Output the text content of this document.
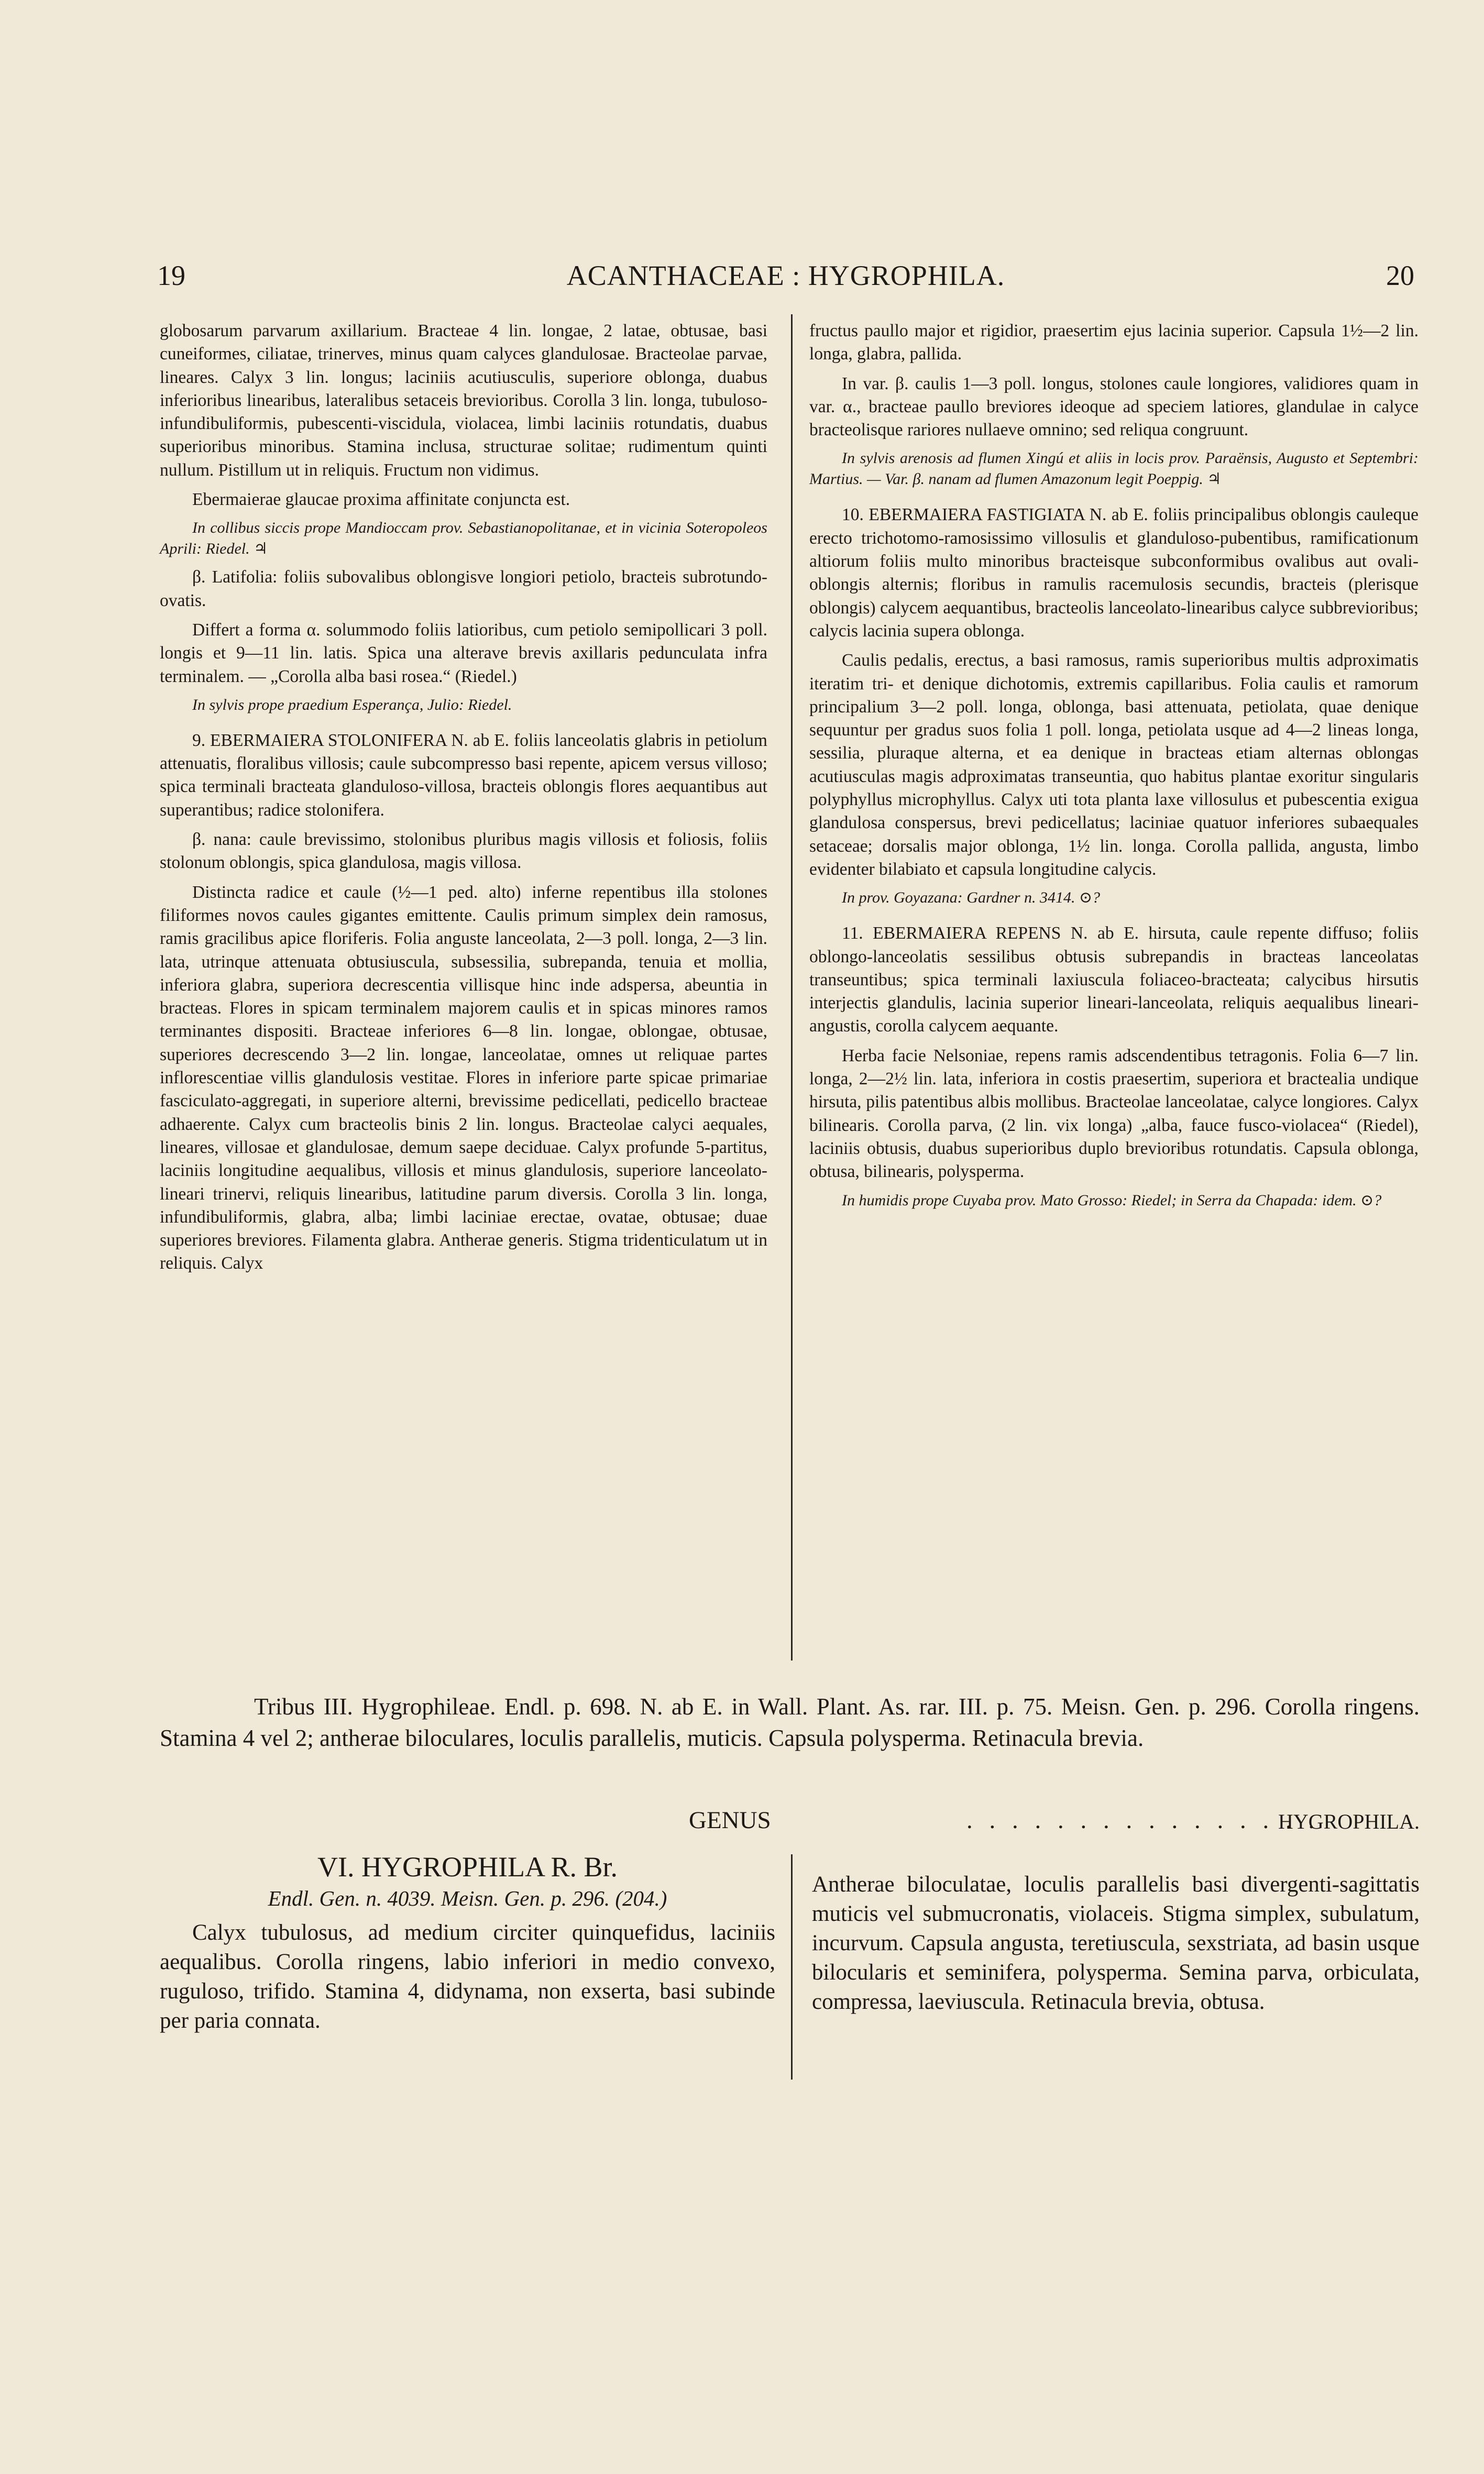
19	ACANTHACEAE : HYGROPHILA.	20

globosarum parvarum axillarium. Bracteae 4 lin. longae, 2 latae, obtusae, basi cuneiformes, ciliatae, trinerves, minus quam calyces glandulosae. Bracteolae parvae, lineares. Calyx 3 lin. longus; laciniis acutiusculis, superiore oblonga, duabus inferioribus linearibus, lateralibus setaceis brevioribus. Corolla 3 lin. longa, tubuloso-infundibuliformis, pubescenti-viscidula, violacea, limbi laciniis rotundatis, duabus superioribus minoribus. Stamina inclusa, structurae solitae; rudimentum quinti nullum. Pistillum ut in reliquis. Fructum non vidimus.

Ebermaierae glaucae proxima affinitate conjuncta est.

In collibus siccis prope Mandioccam prov. Sebastianopolitanae, et in vicinia Soteropoleos Aprili: Riedel. ♃

β. Latifolia: foliis subovalibus oblongisve longiori petiolo, bracteis subrotundo-ovatis.

Differt a forma α. solummodo foliis latioribus, cum petiolo semipollicari 3 poll. longis et 9—11 lin. latis. Spica una alterave brevis axillaris pedunculata infra terminalem. — „Corolla alba basi rosea.“ (Riedel.)

In sylvis prope praedium Esperança, Julio: Riedel.

9. EBERMAIERA STOLONIFERA N. ab E. foliis lanceolatis glabris in petiolum attenuatis, floralibus villosis; caule subcompresso basi repente, apicem versus villoso; spica terminali bracteata glanduloso-villosa, bracteis oblongis flores aequantibus aut superantibus; radice stolonifera.

β. nana: caule brevissimo, stolonibus pluribus magis villosis et foliosis, foliis stolonum oblongis, spica glandulosa, magis villosa.

Distincta radice et caule (½—1 ped. alto) inferne repentibus illa stolones filiformes novos caules gigantes emittente. Caulis primum simplex dein ramosus, ramis gracilibus apice floriferis. Folia anguste lanceolata, 2—3 poll. longa, 2—3 lin. lata, utrinque attenuata obtusiuscula, subsessilia, subrepanda, tenuia et mollia, inferiora glabra, superiora decrescentia villisque hinc inde adspersa, abeuntia in bracteas. Flores in spicam terminalem majorem caulis et in spicas minores ramos terminantes dispositi. Bracteae inferiores 6—8 lin. longae, oblongae, obtusae, superiores decrescendo 3—2 lin. longae, lanceolatae, omnes ut reliquae partes inflorescentiae villis glandulosis vestitae. Flores in inferiore parte spicae primariae fasciculato-aggregati, in superiore alterni, brevissime pedicellati, pedicello bracteae adhaerente. Calyx cum bracteolis binis 2 lin. longus. Bracteolae calyci aequales, lineares, villosae et glandulosae, demum saepe deciduae. Calyx profunde 5-partitus, laciniis longitudine aequalibus, villosis et minus glandulosis, superiore lanceolato-lineari trinervi, reliquis linearibus, latitudine parum diversis. Corolla 3 lin. longa, infundibuliformis, glabra, alba; limbi laciniae erectae, ovatae, obtusae; duae superiores breviores. Filamenta glabra. Antherae generis. Stigma tridenticulatum ut in reliquis. Calyx

fructus paullo major et rigidior, praesertim ejus lacinia superior. Capsula 1½—2 lin. longa, glabra, pallida.

In var. β. caulis 1—3 poll. longus, stolones caule longiores, validiores quam in var. α., bracteae paullo breviores ideoque ad speciem latiores, glandulae in calyce bracteolisque rariores nullaeve omnino; sed reliqua congruunt.

In sylvis arenosis ad flumen Xingú et aliis in locis prov. Paraënsis, Augusto et Septembri: Martius. — Var. β. nanam ad flumen Amazonum legit Poeppig. ♃

10. EBERMAIERA FASTIGIATA N. ab E. foliis principalibus oblongis cauleque erecto trichotomo-ramosissimo villosulis et glanduloso-pubentibus, ramificationum altiorum foliis multo minoribus bracteisque subconformibus ovalibus aut ovali-oblongis alternis; floribus in ramulis racemulosis secundis, bracteis (plerisque oblongis) calycem aequantibus, bracteolis lanceolato-linearibus calyce subbrevioribus; calycis lacinia supera oblonga.

Caulis pedalis, erectus, a basi ramosus, ramis superioribus multis adproximatis iteratim tri- et denique dichotomis, extremis capillaribus. Folia caulis et ramorum principalium 3—2 poll. longa, oblonga, basi attenuata, petiolata, quae denique sequuntur per gradus suos folia 1 poll. longa, petiolata usque ad 4—2 lineas longa, sessilia, pluraque alterna, et ea denique in bracteas etiam alternas oblongas acutiusculas magis adproximatas transeuntia, quo habitus plantae exoritur singularis polyphyllus microphyllus. Calyx uti tota planta laxe villosulus et pubescentia exigua glandulosa conspersus, brevi pedicellatus; laciniae quatuor inferiores subaequales setaceae; dorsalis major oblonga, 1½ lin. longa. Corolla pallida, angusta, limbo evidenter bilabiato et capsula longitudine calycis.

In prov. Goyazana: Gardner n. 3414. ⊙?

11. EBERMAIERA REPENS N. ab E. hirsuta, caule repente diffuso; foliis oblongo-lanceolatis sessilibus obtusis subrepandis in bracteas lanceolatas transeuntibus; spica terminali laxiuscula foliaceo-bracteata; calycibus hirsutis interjectis glandulis, lacinia superior lineari-lanceolata, reliquis aequalibus lineari-angustis, corolla calycem aequante.

Herba facie Nelsoniae, repens ramis adscendentibus tetragonis. Folia 6—7 lin. longa, 2—2½ lin. lata, inferiora in costis praesertim, superiora et bractealia undique hirsuta, pilis patentibus albis mollibus. Bracteolae lanceolatae, calyce longiores. Calyx bilinearis. Corolla parva, (2 lin. vix longa) „alba, fauce fusco-violacea“ (Riedel), laciniis obtusis, duabus superioribus duplo brevioribus rotundatis. Capsula oblonga, obtusa, bilinearis, polysperma.

In humidis prope Cuyaba prov. Mato Grosso: Riedel; in Serra da Chapada: idem. ⊙?

Tribus III. Hygrophileae. Endl. p. 698. N. ab E. in Wall. Plant. As. rar. III. p. 75. Meisn. Gen. p. 296. Corolla ringens. Stamina 4 vel 2; antherae biloculares, loculis parallelis, muticis. Capsula polysperma. Retinacula brevia.
GENUS	. . . . . . . . . . . . . . . .
HYGROPHILA.
VI. HYGROPHILA R. Br.
Endl. Gen. n. 4039. Meisn. Gen. p. 296. (204.)
Calyx tubulosus, ad medium circiter quinquefidus, laciniis aequalibus. Corolla ringens, labio inferiori in medio convexo, ruguloso, trifido. Stamina 4, didynama, non exserta, basi subinde per paria connata.
Antherae biloculatae, loculis parallelis basi divergenti-sagittatis muticis vel submucronatis, violaceis. Stigma simplex, subulatum, incurvum. Capsula angusta, teretiuscula, sexstriata, ad basin usque bilocularis et seminifera, polysperma. Semina parva, orbiculata, compressa, laeviuscula. Retinacula brevia, obtusa.
